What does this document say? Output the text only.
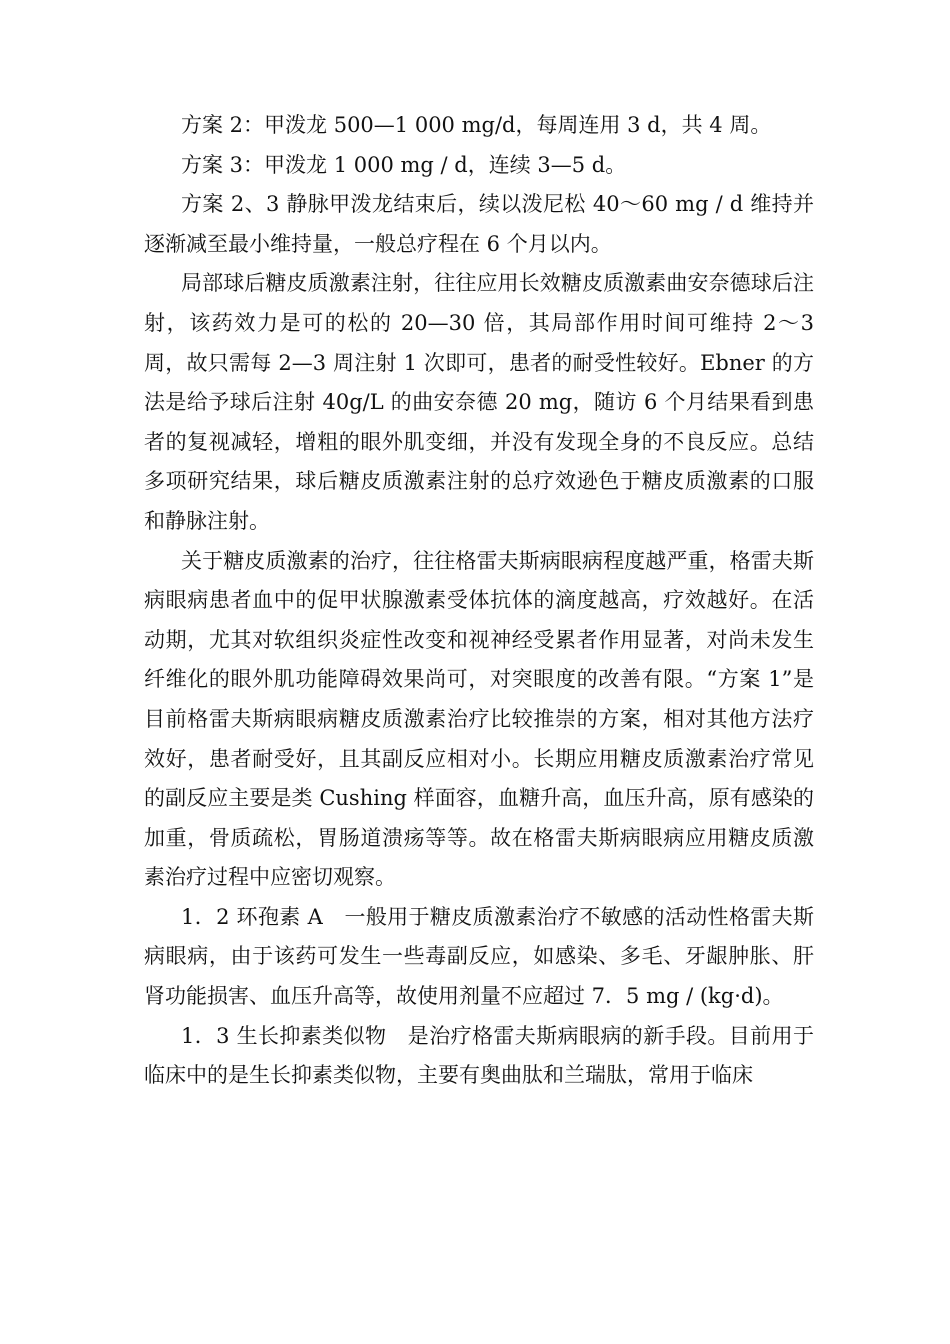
方案 2：甲泼龙 500—1 000 mg/d，每周连用 3 d，共 4 周。

方案 3：甲泼龙 1 000 mg / d，连续 3—5 d。

方案 2、3 静脉甲泼龙结束后，续以泼尼松 40～60 mg / d 维持并逐渐减至最小维持量，一般总疗程在 6 个月以内。

局部球后糖皮质激素注射，往往应用长效糖皮质激素曲安奈德球后注射，该药效力是可的松的 20—30 倍，其局部作用时间可维持 2～3 周，故只需每 2—3 周注射 1 次即可，患者的耐受性较好。Ebner 的方法是给予球后注射 40g/L 的曲安奈德 20 mg，随访 6 个月结果看到患者的复视减轻，增粗的眼外肌变细，并没有发现全身的不良反应。总结多项研究结果，球后糖皮质激素注射的总疗效逊色于糖皮质激素的口服和静脉注射。

关于糖皮质激素的治疗，往往格雷夫斯病眼病程度越严重，格雷夫斯病眼病患者血中的促甲状腺激素受体抗体的滴度越高，疗效越好。在活动期，尤其对软组织炎症性改变和视神经受累者作用显著，对尚未发生纤维化的眼外肌功能障碍效果尚可，对突眼度的改善有限。“方案 1”是目前格雷夫斯病眼病糖皮质激素治疗比较推崇的方案，相对其他方法疗效好，患者耐受好，且其副反应相对小。长期应用糖皮质激素治疗常见的副反应主要是类 Cushing 样面容，血糖升高，血压升高，原有感染的加重，骨质疏松，胃肠道溃疡等等。故在格雷夫斯病眼病应用糖皮质激素治疗过程中应密切观察。

1．2 环孢素 A　一般用于糖皮质激素治疗不敏感的活动性格雷夫斯病眼病，由于该药可发生一些毒副反应，如感染、多毛、牙龈肿胀、肝肾功能损害、血压升高等，故使用剂量不应超过 7．5 mg / (kg·d)。

1．3 生长抑素类似物　是治疗格雷夫斯病眼病的新手段。目前用于临床中的是生长抑素类似物，主要有奥曲肽和兰瑞肽，常用于临床
